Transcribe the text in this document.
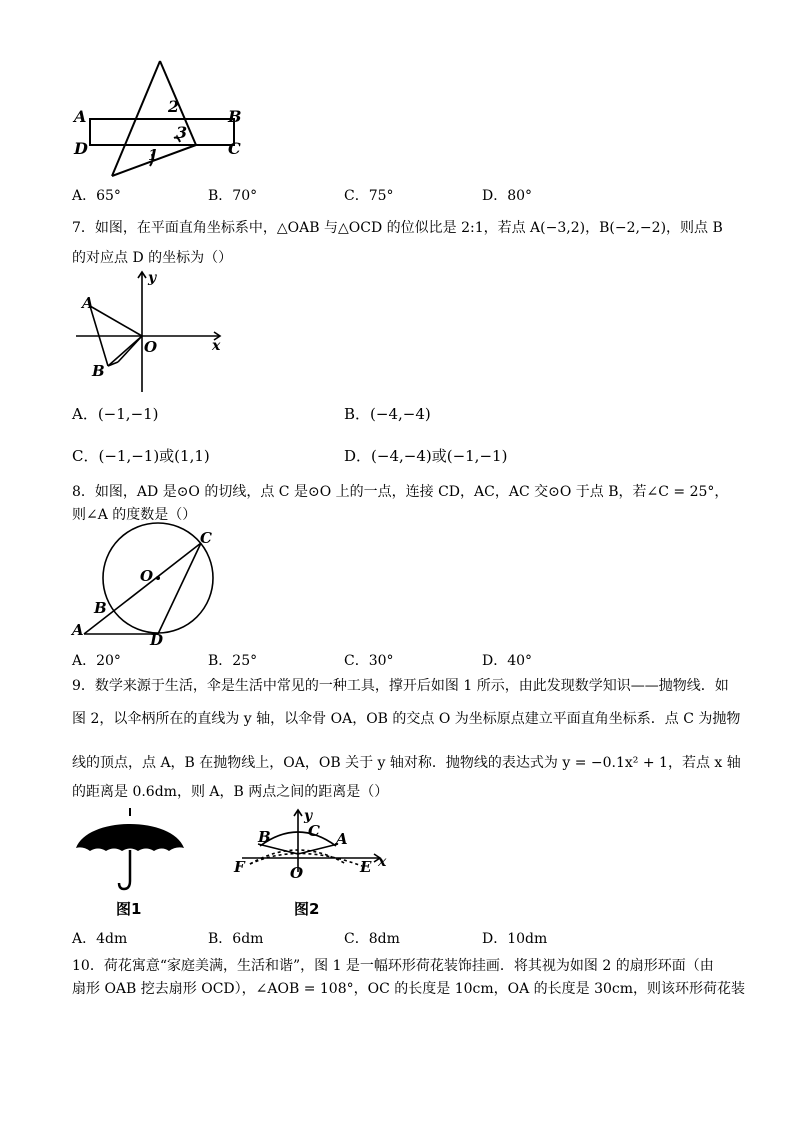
A	B
C
D	1
2
3
A．65°	B．70°	C．75°	D．80°
7．如图，在平面直角坐标系中，△OAB 与△OCD 的位似比是 2:1，若点 A(−3,2)，B(−2,−2)，则点 B
的对应点 D 的坐标为（）
A
B
O	x
y
A．(−1,−1)	B．(−4,−4)
C．(−1,−1)或(1,1)	D．(−4,−4)或(−1,−1)
8．如图，AD 是⊙O 的切线，点 C 是⊙O 上的一点，连接 CD，AC，AC 交⊙O 于点 B，若∠C = 25°，
则∠A 的度数是（）
C
O
B
A
D
A．20°	B．25°	C．30°	D．40°
9．数学来源于生活，伞是生活中常见的一种工具，撑开后如图 1 所示，由此发现数学知识——抛物线．如
图 2，以伞柄所在的直线为 y 轴，以伞骨 OA，OB 的交点 O 为坐标原点建立平面直角坐标系．点 C 为抛物
线的顶点，点 A，B 在抛物线上，OA，OB 关于 y 轴对称．抛物线的表达式为 y = −0.1x² + 1，若点 x 轴
的距离是 0.6dm，则 A，B 两点之间的距离是（）
图1
B C A
y
F	O	E x
图2
A．4dm	B．6dm	C．8dm	D．10dm
10．荷花寓意“家庭美满，生活和谐”，图 1 是一幅环形荷花装饰挂画．将其视为如图 2 的扇形环面（由
扇形 OAB 挖去扇形 OCD），∠AOB = 108°，OC 的长度是 10cm，OA 的长度是 30cm，则该环形荷花装
